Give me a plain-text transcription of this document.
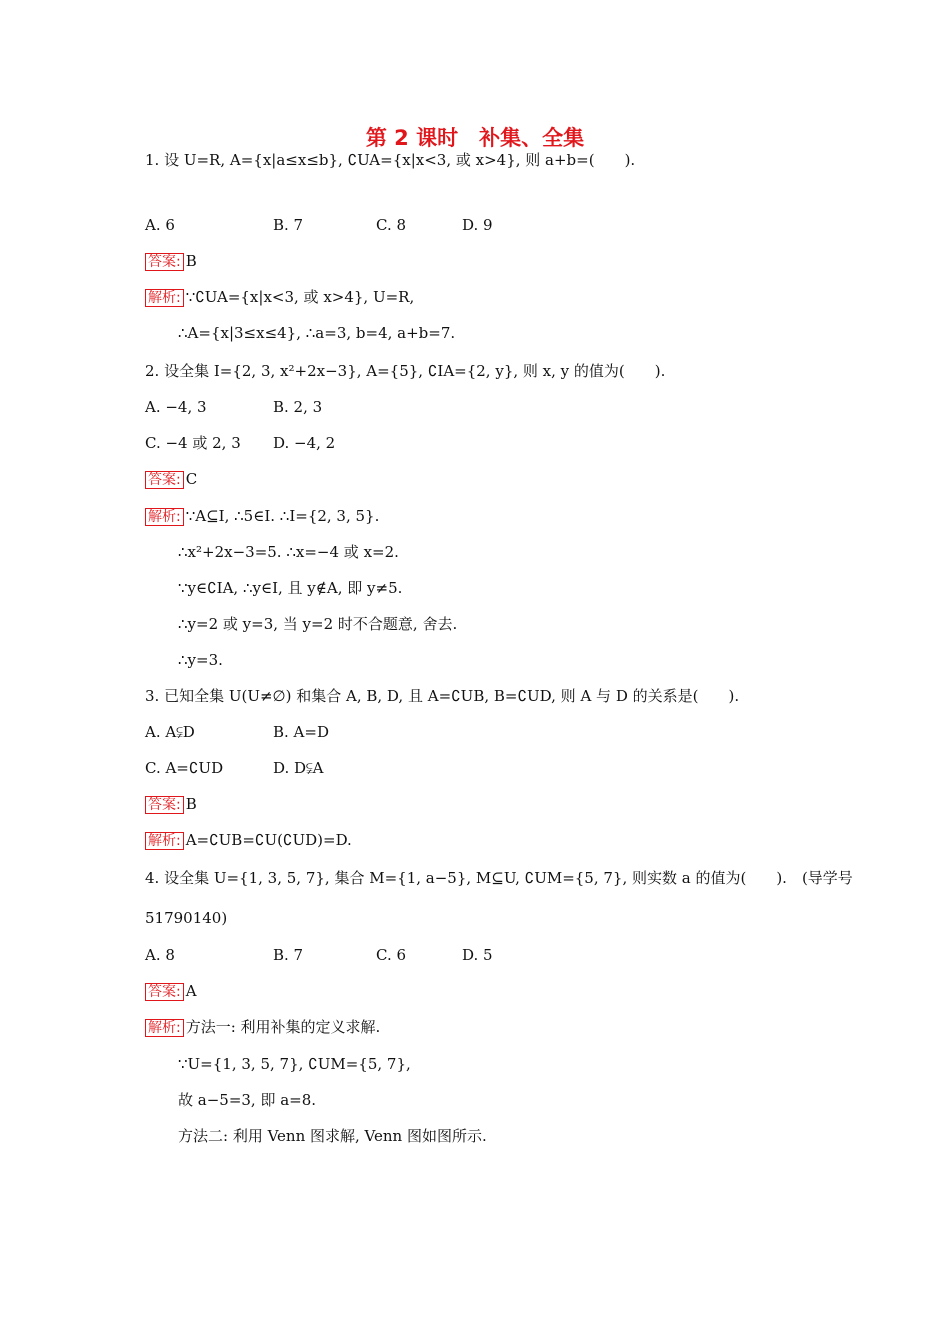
第 2 课时　补集、全集
1. 设 U=R, A={x|a≤x≤b}, ∁UA={x|x<3, 或 x>4}, 则 a+b=(　　).
A. 6	B. 7	C. 8	D. 9
答案: B
解析: ∵∁UA={x|x<3, 或 x>4}, U=R,
∴A={x|3≤x≤4}, ∴a=3, b=4, a+b=7.
2. 设全集 I={2, 3, x²+2x−3}, A={5}, ∁IA={2, y}, 则 x, y 的值为(　　).
A. −4, 3	B. 2, 3
C. −4 或 2, 3 D. −4, 2
答案: C
解析: ∵A⊆I, ∴5∈I. ∴I={2, 3, 5}.
∴x²+2x−3=5. ∴x=−4 或 x=2.
∵y∈∁IA, ∴y∈I, 且 y∉A, 即 y≠5.
∴y=2 或 y=3, 当 y=2 时不合题意, 舍去.
∴y=3.
3. 已知全集 U(U≠∅) 和集合 A, B, D, 且 A=∁UB, B=∁UD, 则 A 与 D 的关系是(　　).
A. A⫋D	B. A=D
C. A=∁UD	D. D⫋A
答案: B
解析: A=∁UB=∁U(∁UD)=D.
4. 设全集 U={1, 3, 5, 7}, 集合 M={1, a−5}, M⊆U, ∁UM={5, 7}, 则实数 a 的值为(　　).　(导学号
51790140)
A. 8	B. 7	C. 6	D. 5
答案: A
解析: 方法一: 利用补集的定义求解.
∵U={1, 3, 5, 7}, ∁UM={5, 7},
故 a−5=3, 即 a=8.
方法二: 利用 Venn 图求解, Venn 图如图所示.
